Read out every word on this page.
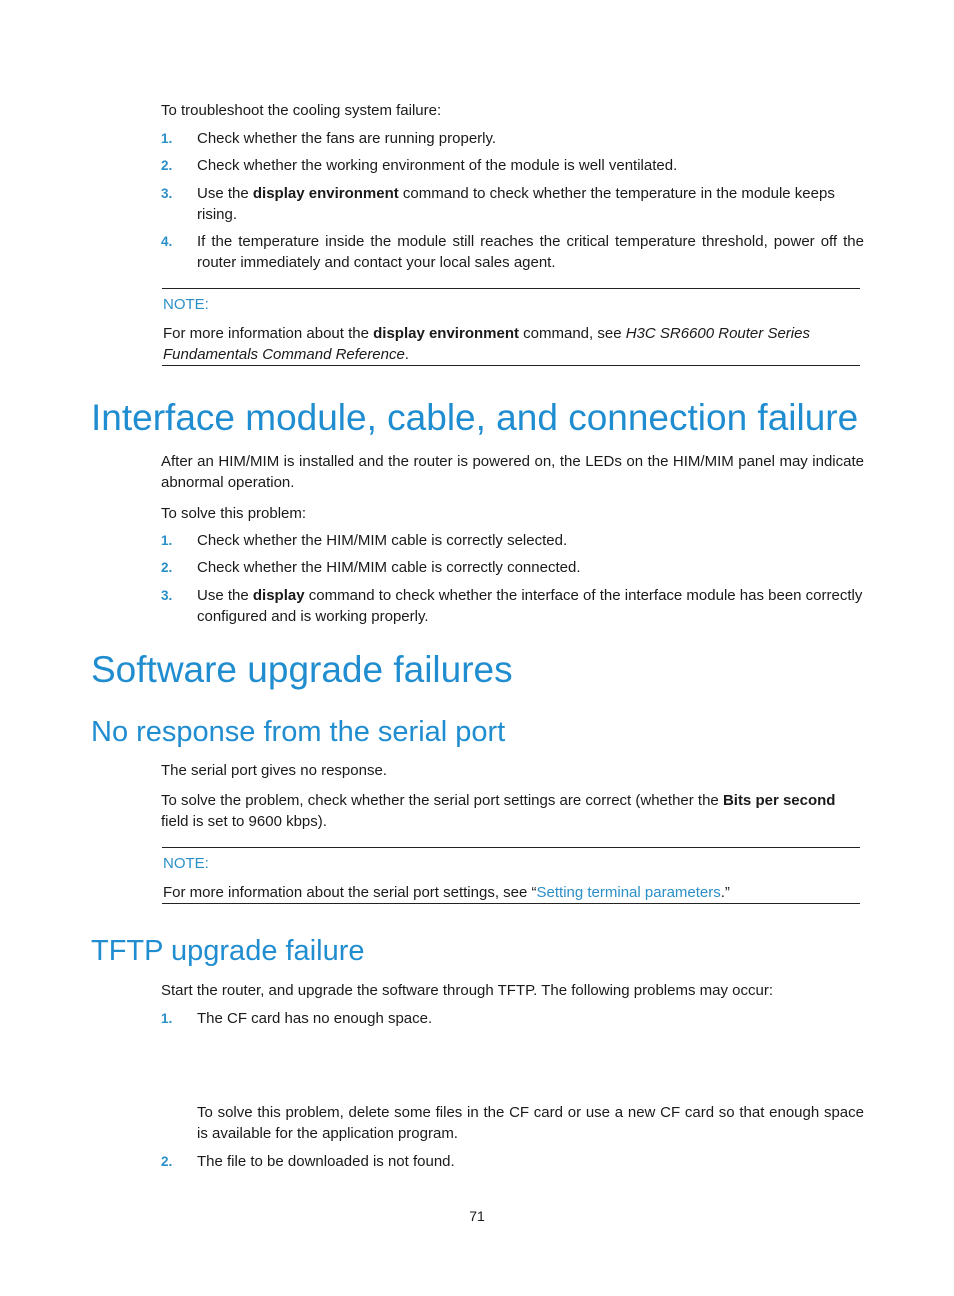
To troubleshoot the cooling system failure:
1. Check whether the fans are running properly.
2. Check whether the working environment of the module is well ventilated.
3. Use the display environment command to check whether the temperature in the module keeps rising.
4. If the temperature inside the module still reaches the critical temperature threshold, power off the router immediately and contact your local sales agent.
NOTE:
For more information about the display environment command, see H3C SR6600 Router Series Fundamentals Command Reference.
Interface module, cable, and connection failure
After an HIM/MIM is installed and the router is powered on, the LEDs on the HIM/MIM panel may indicate abnormal operation.
To solve this problem:
1. Check whether the HIM/MIM cable is correctly selected.
2. Check whether the HIM/MIM cable is correctly connected.
3. Use the display command to check whether the interface of the interface module has been correctly configured and is working properly.
Software upgrade failures
No response from the serial port
The serial port gives no response.
To solve the problem, check whether the serial port settings are correct (whether the Bits per second field is set to 9600 kbps).
NOTE:
For more information about the serial port settings, see “Setting terminal parameters.”
TFTP upgrade failure
Start the router, and upgrade the software through TFTP. The following problems may occur:
1. The CF card has no enough space.
To solve this problem, delete some files in the CF card or use a new CF card so that enough space is available for the application program.
2. The file to be downloaded is not found.
71
